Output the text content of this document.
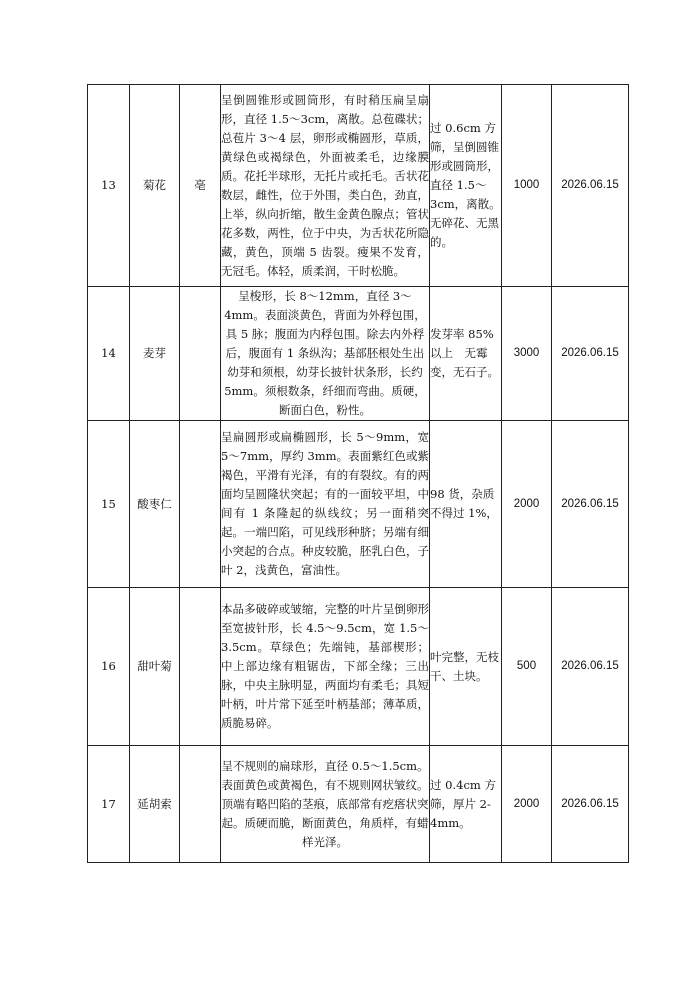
13	菊花	亳	呈倒圆锥形或圆筒形，有时稍压扁呈扇形，直径 1.5～3cm，离散。总苞碟状；总苞片 3～4 层，卵形或椭圆形，草质，黄绿色或褐绿色，外面被柔毛，边缘膜质。花托半球形，无托片或托毛。舌状花数层，雌性，位于外围，类白色，劲直，上举，纵向折缩，散生金黄色腺点；管状花多数，两性，位于中央，为舌状花所隐藏，黄色，顶端 5 齿裂。瘦果不发育，无冠毛。体轻，质柔润，干时松脆。	过 0.6cm 方筛，呈倒圆锥形或圆筒形，直径 1.5～3cm，离散。无碎花、无黑的。	1000	2026.06.15
14	麦芽		呈梭形，长 8～12mm，直径 3～4mm。表面淡黄色，背面为外稃包围，具 5 脉；腹面为内稃包围。除去内外稃后，腹面有 1 条纵沟；基部胚根处生出幼芽和须根，幼芽长披针状条形，长约 5mm。须根数条，纤细而弯曲。质硬，断面白色，粉性。	发芽率 85%以上　无霉变，无石子。	3000	2026.06.15
15	酸枣仁		呈扁圆形或扁椭圆形，长 5～9mm，宽 5～7mm，厚约 3mm。表面紫红色或紫褐色，平滑有光泽，有的有裂纹。有的两面均呈圆隆状突起；有的一面较平坦，中间有 1 条隆起的纵线纹；另一面稍突起。一端凹陷，可见线形种脐；另端有细小突起的合点。种皮较脆，胚乳白色，子叶 2，浅黄色，富油性。	98 货，杂质不得过 1%，	2000	2026.06.15
16	甜叶菊		本品多破碎或皱缩，完整的叶片呈倒卵形至宽披针形，长 4.5～9.5cm，宽 1.5～3.5cm。草绿色；先端钝，基部楔形；中上部边缘有粗锯齿，下部全缘；三出脉，中央主脉明显，两面均有柔毛；具短叶柄，叶片常下延至叶柄基部；薄革质，质脆易碎。	叶完整，无枝干、土块。	500	2026.06.15
17	延胡索		呈不规则的扁球形，直径 0.5～1.5cm。表面黄色或黄褐色，有不规则网状皱纹。顶端有略凹陷的茎痕，底部常有疙瘩状突起。质硬而脆，断面黄色，角质样，有蜡样光泽。	过 0.4cm 方筛，厚片 2-4mm。	2000	2026.06.15
